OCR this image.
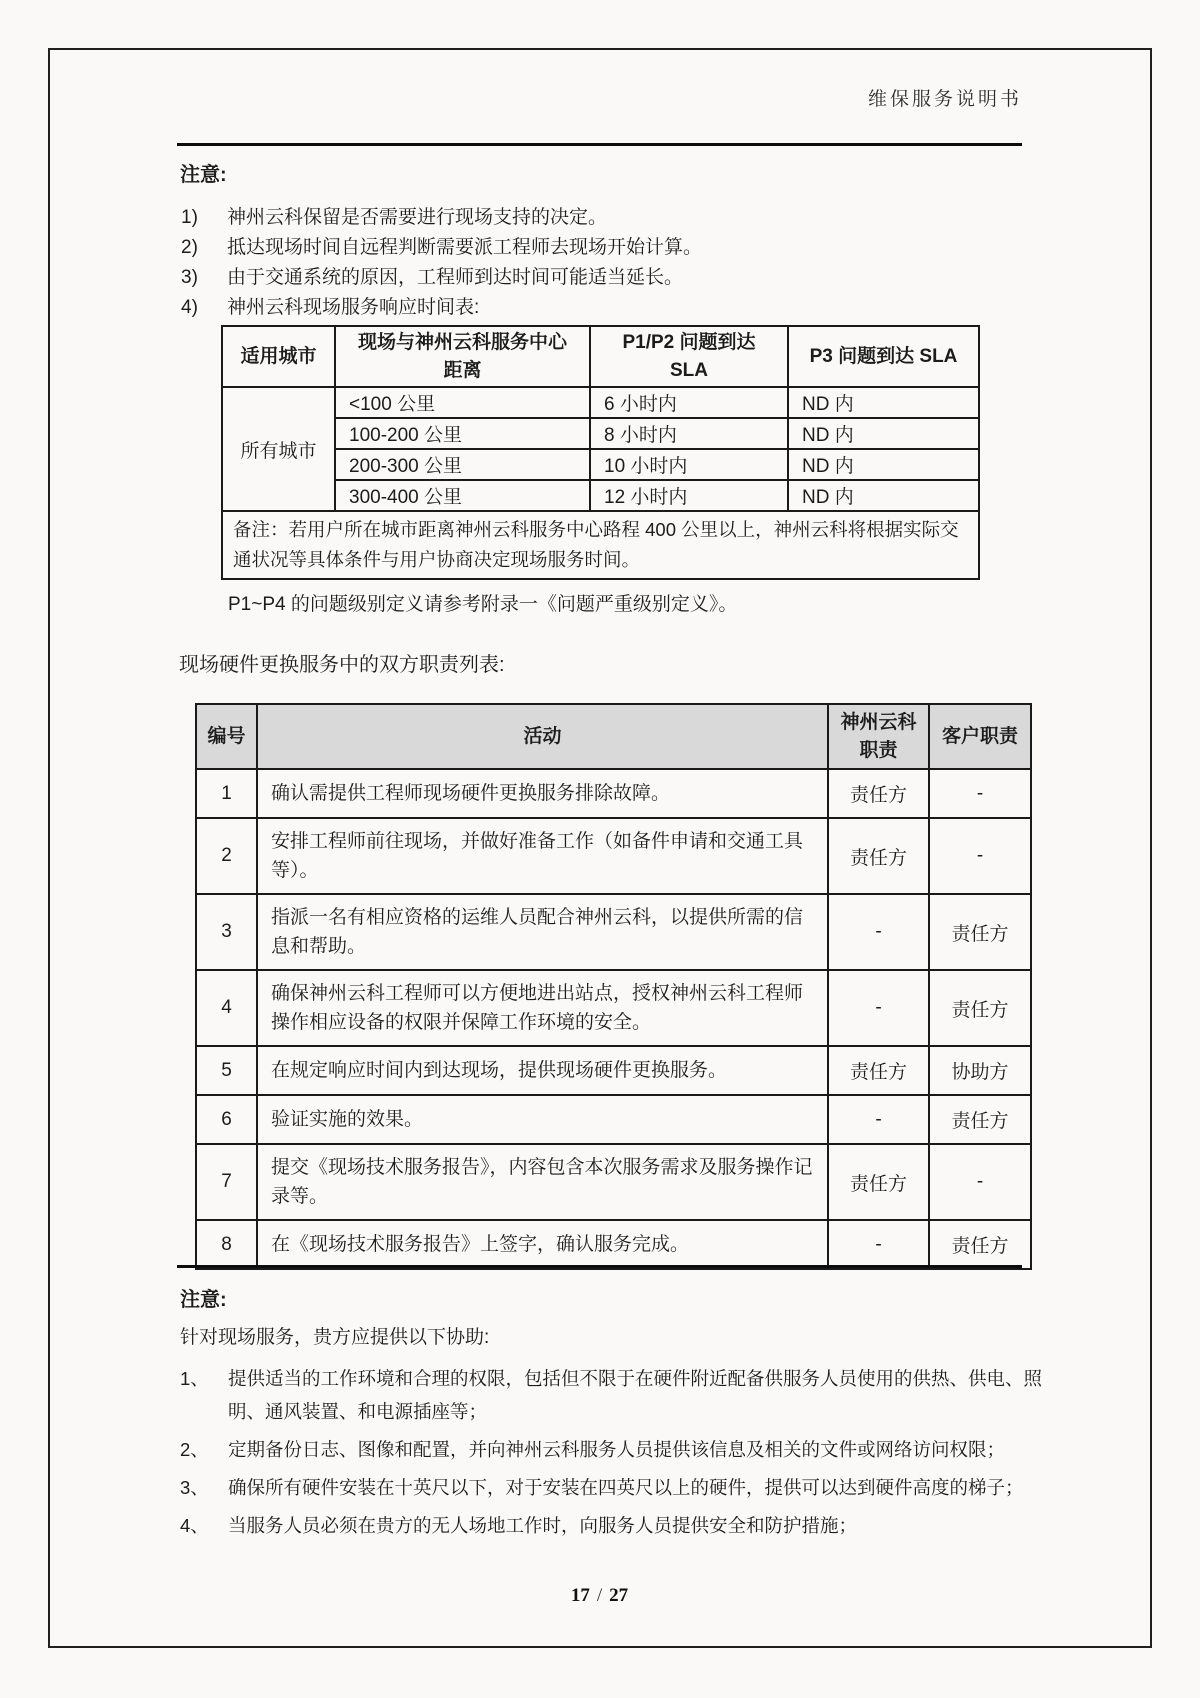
维保服务说明书
注意:
1)	神州云科保留是否需要进行现场支持的决定。
2)	抵达现场时间自远程判断需要派工程师去现场开始计算。
3)	由于交通系统的原因，工程师到达时间可能适当延长。
4)	神州云科现场服务响应时间表:
适用城市	现场与神州云科服务中心距离	P1/P2 问题到达 SLA	P3 问题到达 SLA
所有城市	<100 公里	6 小时内	ND 内
	100-200 公里	8 小时内	ND 内
	200-300 公里	10 小时内	ND 内
	300-400 公里	12 小时内	ND 内
备注：若用户所在城市距离神州云科服务中心路程 400 公里以上，神州云科将根据实际交通状况等具体条件与用户协商决定现场服务时间。			
P1~P4 的问题级别定义请参考附录一《问题严重级别定义》。
现场硬件更换服务中的双方职责列表:
编号	活动	神州云科职责	客户职责
1	确认需提供工程师现场硬件更换服务排除故障。	责任方	-
2	安排工程师前往现场，并做好准备工作（如备件申请和交通工具等）。	责任方	-
3	指派一名有相应资格的运维人员配合神州云科，以提供所需的信息和帮助。	-	责任方
4	确保神州云科工程师可以方便地进出站点，授权神州云科工程师操作相应设备的权限并保障工作环境的安全。	-	责任方
5	在规定响应时间内到达现场，提供现场硬件更换服务。	责任方	协助方
6	验证实施的效果。	-	责任方
7	提交《现场技术服务报告》，内容包含本次服务需求及服务操作记录等。	责任方	-
8	在《现场技术服务报告》上签字，确认服务完成。	-	责任方
注意:
针对现场服务，贵方应提供以下协助:
1、	提供适当的工作环境和合理的权限，包括但不限于在硬件附近配备供服务人员使用的供热、供电、照明、通风装置、和电源插座等；
2、	定期备份日志、图像和配置，并向神州云科服务人员提供该信息及相关的文件或网络访问权限；
3、	确保所有硬件安装在十英尺以下，对于安装在四英尺以上的硬件，提供可以达到硬件高度的梯子；
4、	当服务人员必须在贵方的无人场地工作时，向服务人员提供安全和防护措施；
17 / 27
